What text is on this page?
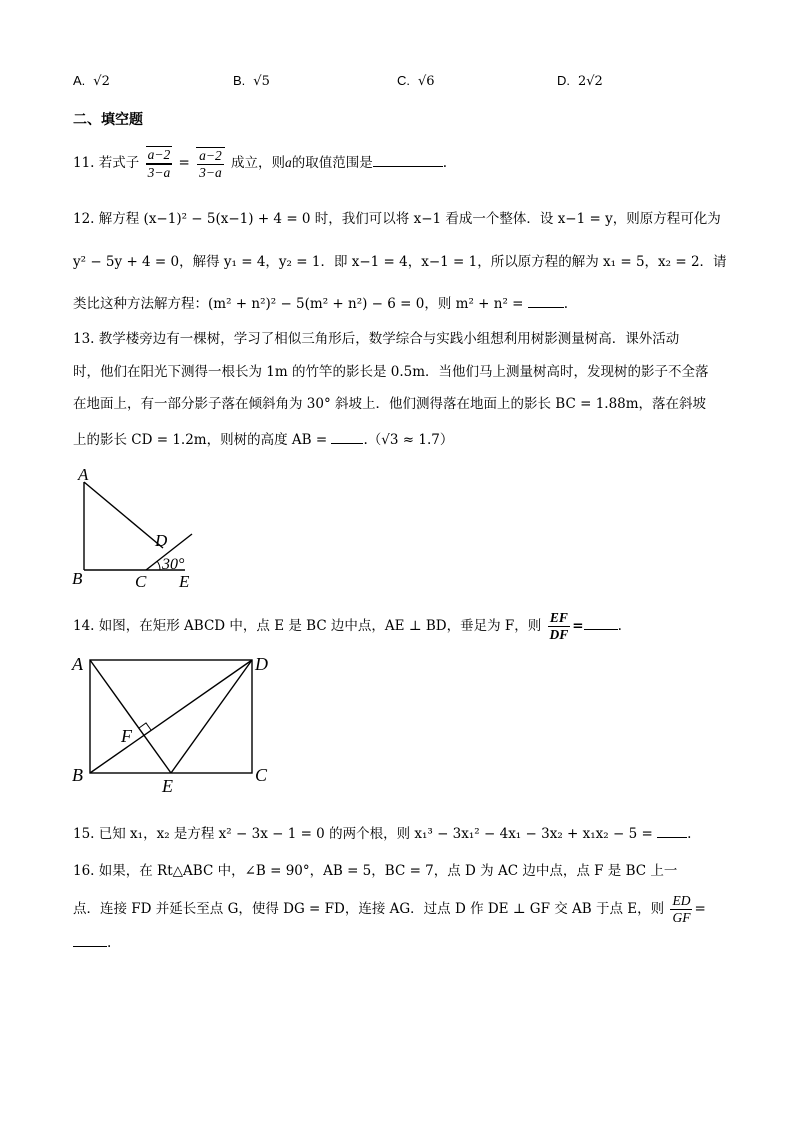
A. √2	B. √5	C. √6	D. 2√2
二、填空题
11. 若式子 $\frac{a-2}{3-a} = \frac{a-2}{3-a}$ 成立，则a的取值范围是	.
12. 解方程 (x−1)² − 5(x−1) + 4 = 0 时，我们可以将 x−1 看成一个整体．设 x−1 = y，则原方程可化为
y² − 5y + 4 = 0，解得 y₁ = 4，y₂ = 1．即 x−1 = 4，x−1 = 1，所以原方程的解为 x₁ = 5，x₂ = 2．请
类比这种方法解方程：(m² + n²)² − 5(m² + n²) − 6 = 0，则 m² + n² =	.
13. 教学楼旁边有一棵树，学习了相似三角形后，数学综合与实践小组想利用树影测量树高．课外活动
时，他们在阳光下测得一根长为 1m 的竹竿的影长是 0.5m．当他们马上测量树高时，发现树的影子不全落
在地面上，有一部分影子落在倾斜角为 30° 斜坡上．他们测得落在地面上的影长 BC = 1.88m，落在斜坡
上的影长 CD = 1.2m，则树的高度 AB =	.（√3 ≈ 1.7）
A
B	C
D
E
30°
14. 如图，在矩形 ABCD 中，点 E 是 BC 边中点，AE ⊥ BD，垂足为 F，则 $\frac{EF}{DF}$ =	.
A
B	C
D
E
F
15. 已知 x₁，x₂ 是方程 x² − 3x − 1 = 0 的两个根，则 x₁³ − 3x₁² − 4x₁ − 3x₂ + x₁x₂ − 5 =	.
16. 如果，在 Rt△ABC 中，∠B = 90°，AB = 5，BC = 7，点 D 为 AC 边中点，点 F 是 BC 上一
点．连接 FD 并延长至点 G，使得 DG = FD，连接 AG．过点 D 作 DE ⊥ GF 交 AB 于点 E，则 $\frac{ED}{GF}$ =
.
